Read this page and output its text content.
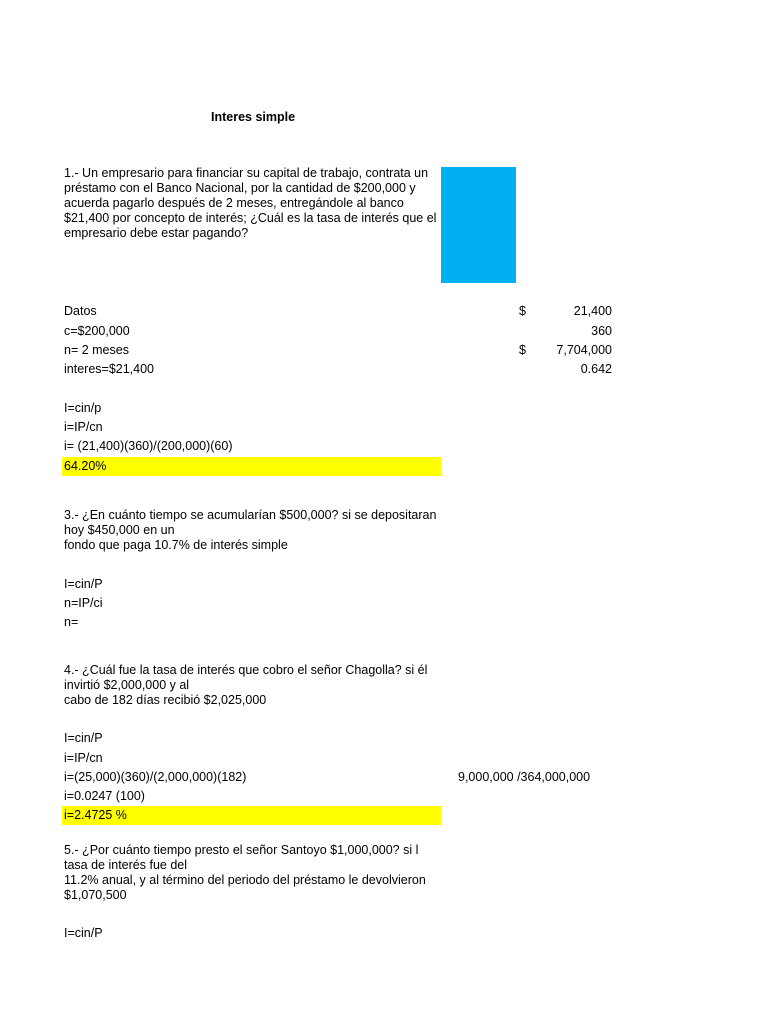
Interes simple
1.- Un empresario para financiar su capital de trabajo, contrata un
préstamo con el Banco Nacional, por la cantidad de $200,000 y
acuerda pagarlo después de 2 meses, entregándole al banco
$21,400 por concepto de interés; ¿Cuál es la tasa de interés que el
empresario debe estar pagando?
Datos
c=$200,000
n= 2 meses
interes=$21,400
$	21,400
360
$ 7,704,000
0.642
I=cin/p
i=IP/cn
i= (21,400)(360)/(200,000)(60)
64.20%
3.- ¿En cuánto tiempo se acumularían $500,000? si se depositaran
hoy $450,000 en un
fondo que paga 10.7% de interés simple
I=cin/P
n=IP/ci
n=
4.- ¿Cuál fue la tasa de interés que cobro el señor Chagolla? si él
invirtió $2,000,000 y al
cabo de 182 días recibió $2,025,000
I=cin/P
i=IP/cn
i=(25,000)(360)/(2,000,000)(182)	9,000,000 /364,000,000
i=0.0247 (100)
i=2.4725 %
5.- ¿Por cuánto tiempo presto el señor Santoyo $1,000,000? si l
tasa de interés fue del
11.2% anual, y al término del periodo del préstamo le devolvieron
$1,070,500
I=cin/P
